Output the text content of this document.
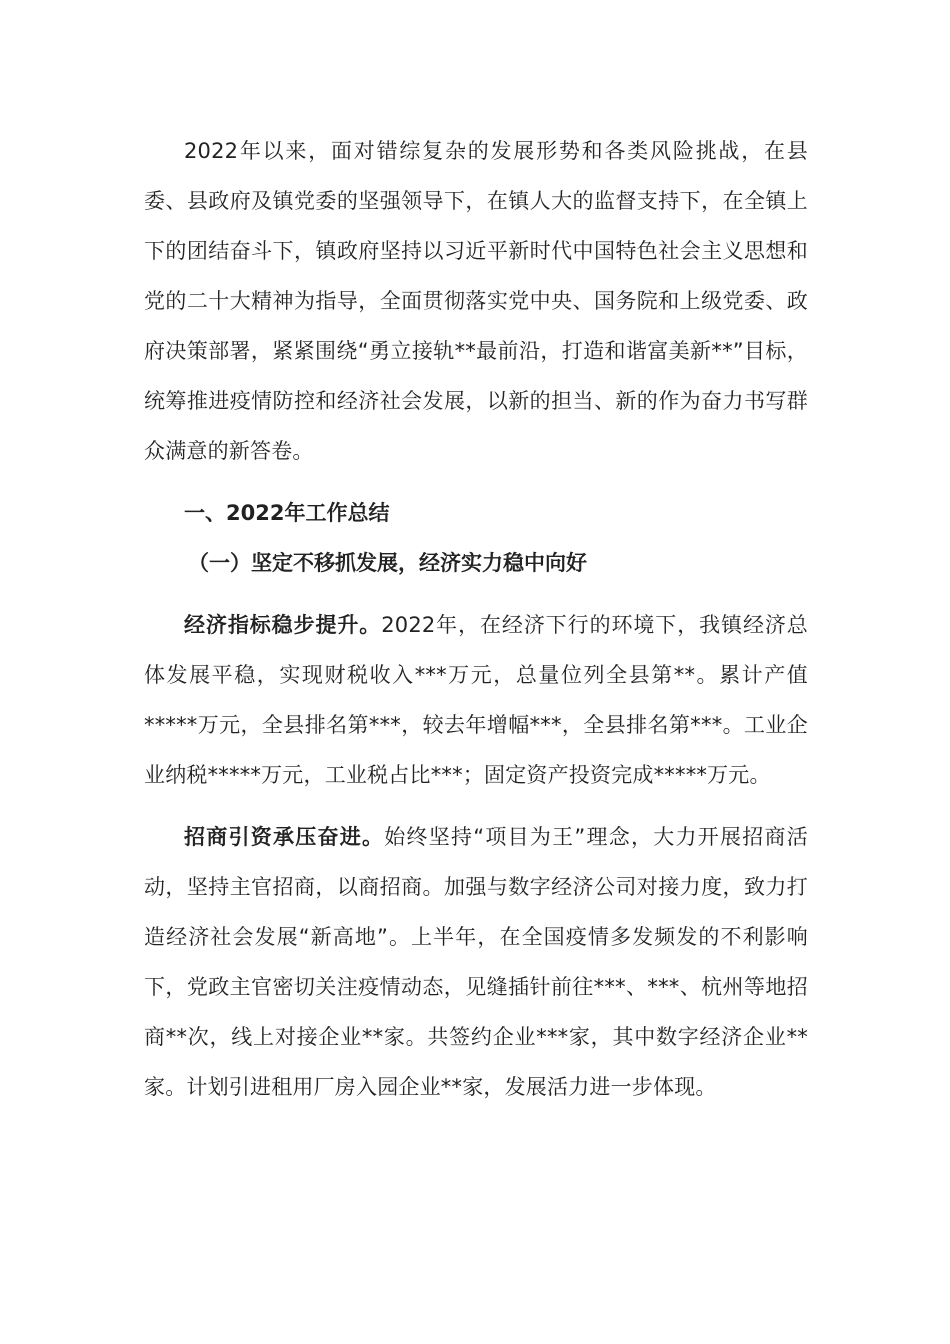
2022年以来，面对错综复杂的发展形势和各类风险挑战，在县委、县政府及镇党委的坚强领导下，在镇人大的监督支持下，在全镇上下的团结奋斗下，镇政府坚持以习近平新时代中国特色社会主义思想和党的二十大精神为指导，全面贯彻落实党中央、国务院和上级党委、政府决策部署，紧紧围绕“勇立接轨**最前沿，打造和谐富美新**”目标，统筹推进疫情防控和经济社会发展，以新的担当、新的作为奋力书写群众满意的新答卷。

一、2022年工作总结

（一）坚定不移抓发展，经济实力稳中向好

经济指标稳步提升。2022年，在经济下行的环境下，我镇经济总体发展平稳，实现财税收入***万元，总量位列全县第**。累计产值*****万元，全县排名第***，较去年增幅***，全县排名第***。工业企业纳税*****万元，工业税占比***；固定资产投资完成*****万元。

招商引资承压奋进。始终坚持“项目为王”理念，大力开展招商活动，坚持主官招商，以商招商。加强与数字经济公司对接力度，致力打造经济社会发展“新高地”。上半年，在全国疫情多发频发的不利影响下，党政主官密切关注疫情动态，见缝插针前往***、***、杭州等地招商**次，线上对接企业**家。共签约企业***家，其中数字经济企业**家。计划引进租用厂房入园企业**家，发展活力进一步体现。
